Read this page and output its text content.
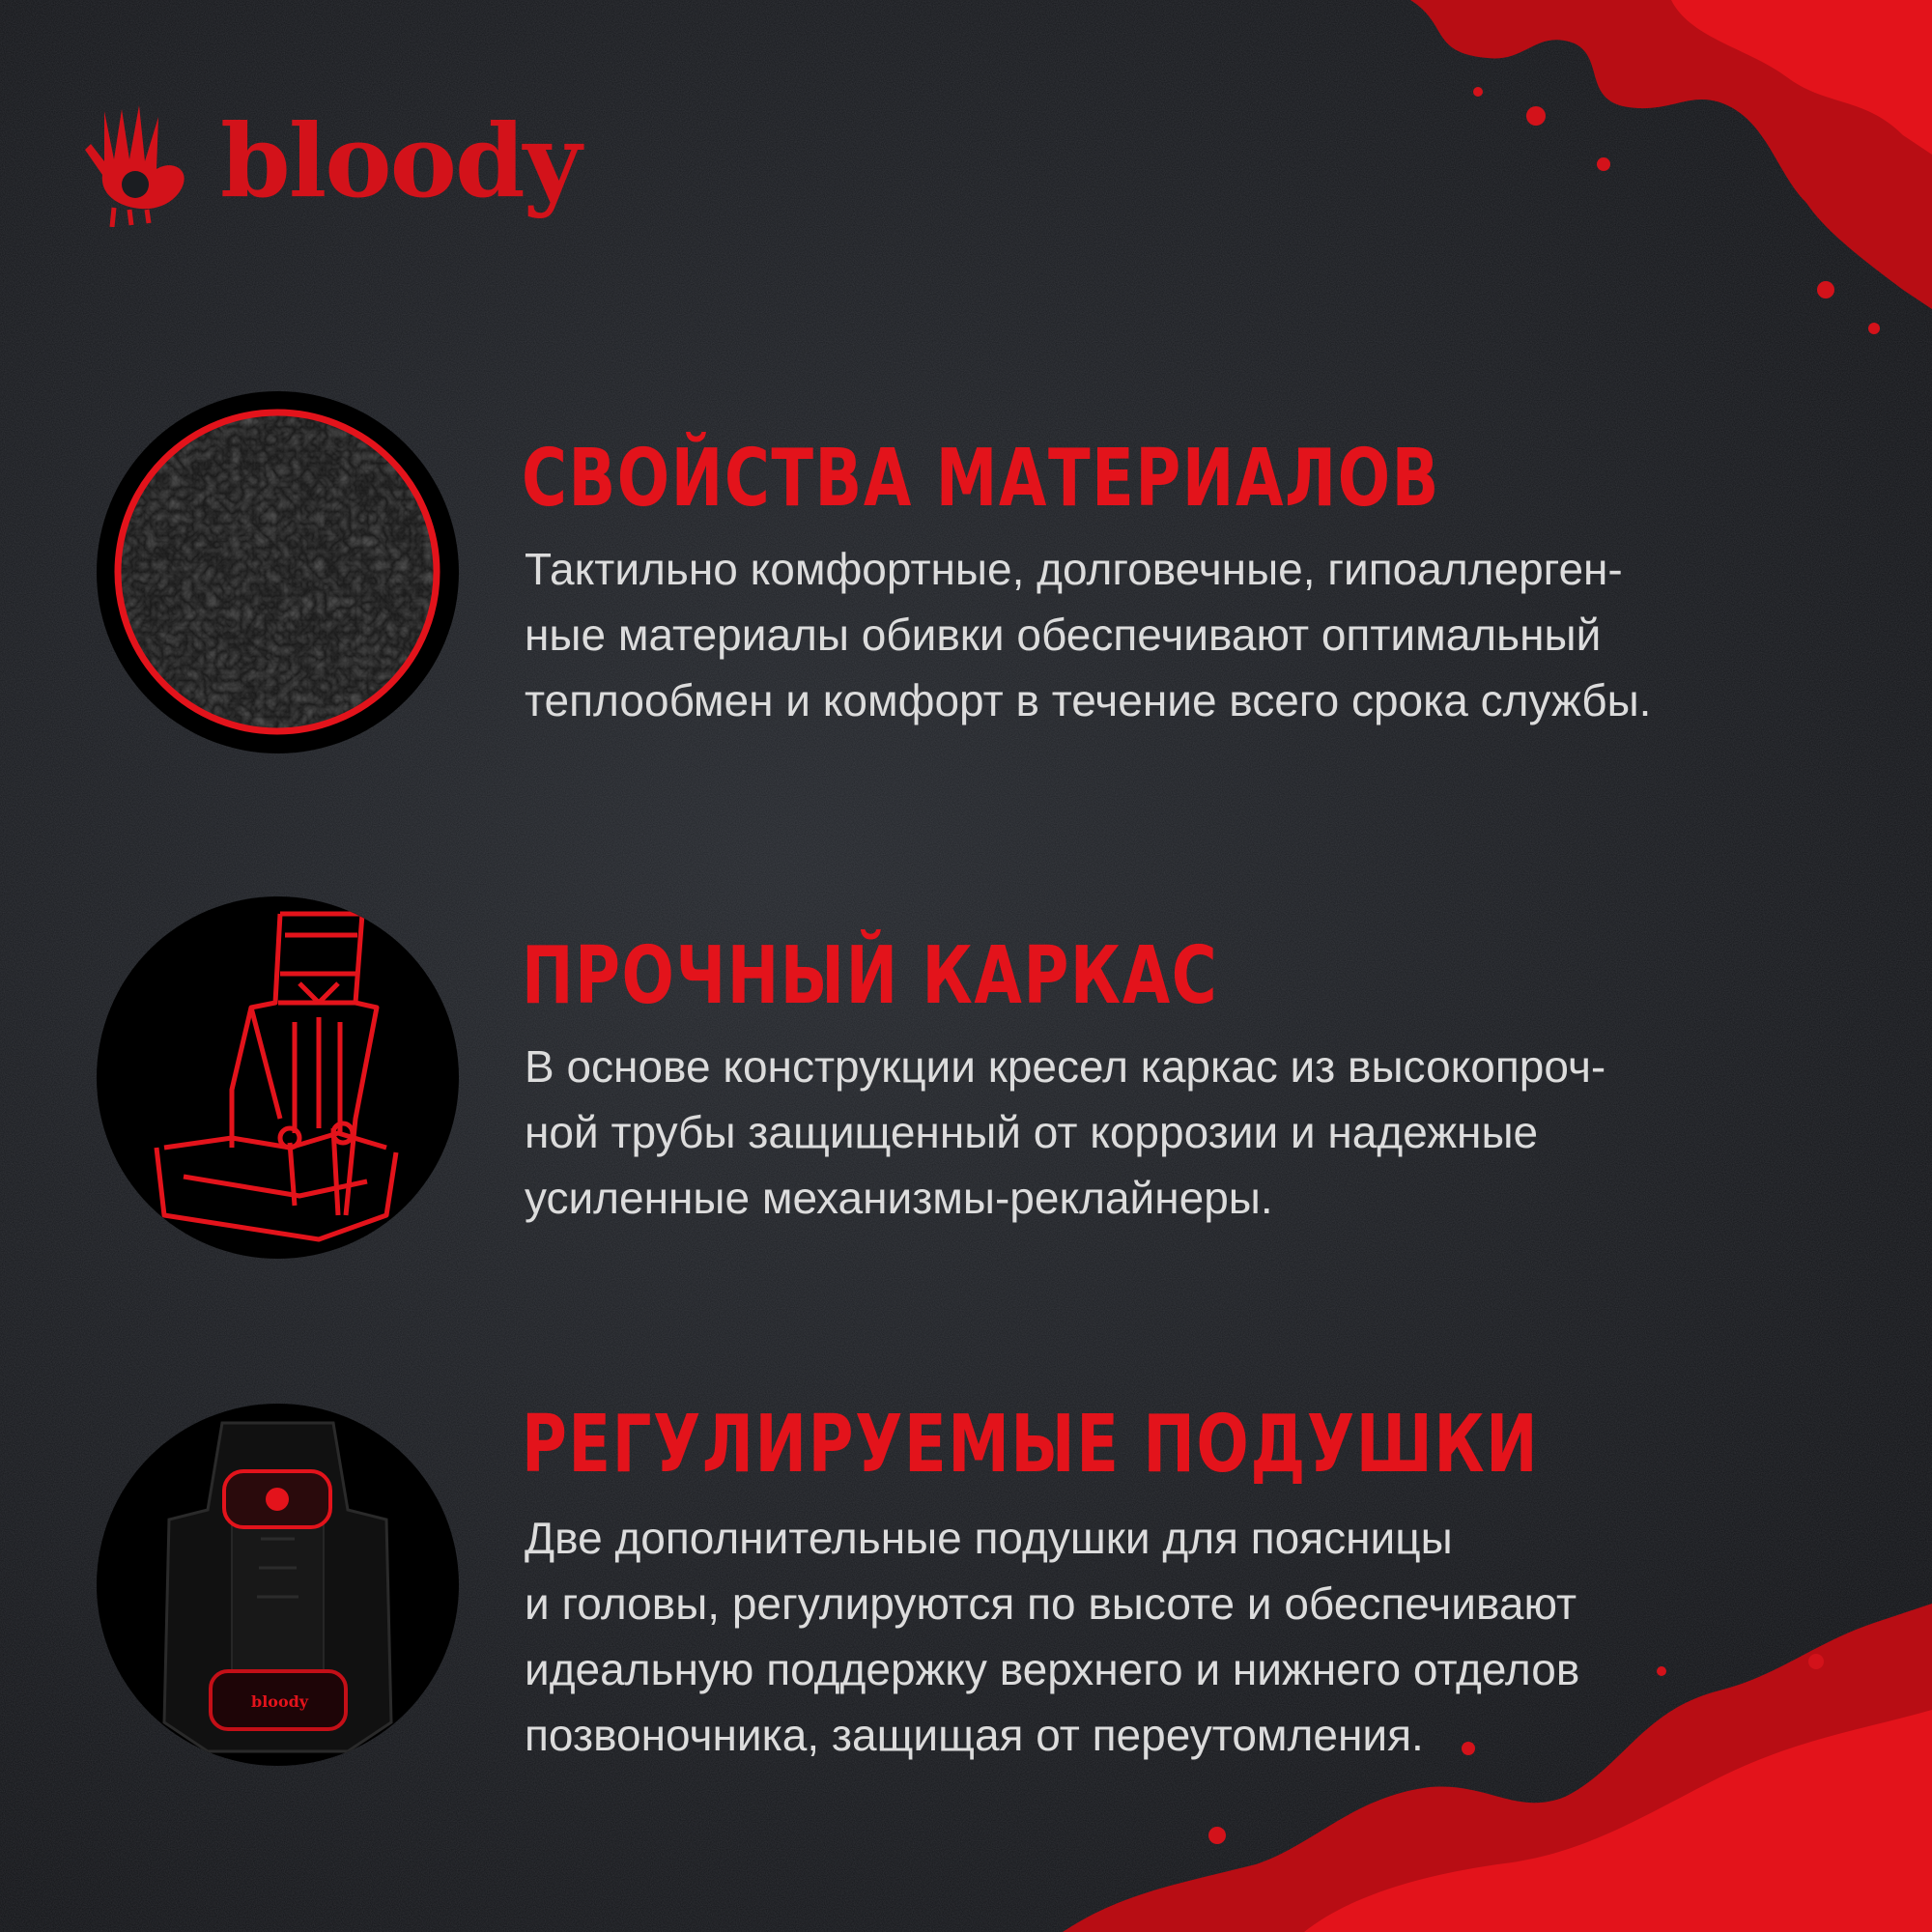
bloody
СВОЙСТВА МАТЕРИАЛОВ

Тактильно комфортные, долговечные, гипоаллерген-
ные материалы обивки обеспечивают оптимальный
теплообмен и комфорт в течение всего срока службы.

ПРОЧНЫЙ КАРКАС

В основе конструкции кресел каркас из высокопроч-
ной трубы защищенный от коррозии и надежные
усиленные механизмы-реклайнеры.

bloody
РЕГУЛИРУЕМЫЕ ПОДУШКИ

Две дополнительные подушки для поясницы
и головы, регулируются по высоте и обеспечивают
идеальную поддержку верхнего и нижнего отделов
позвоночника, защищая от переутомления.
